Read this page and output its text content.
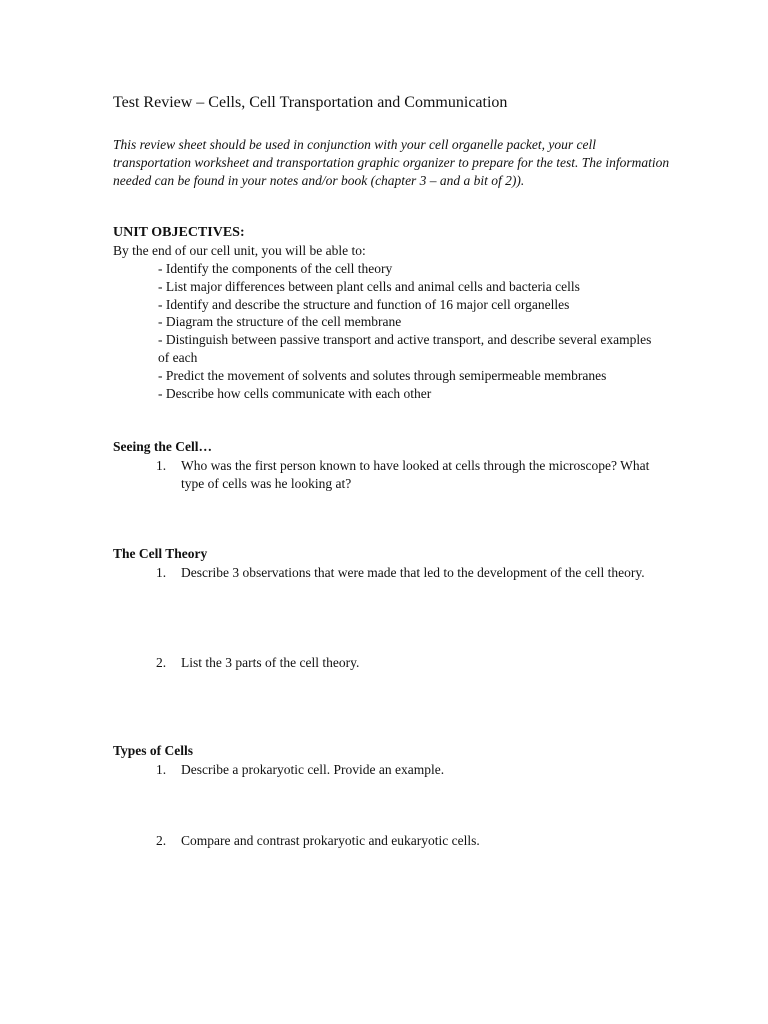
Test Review – Cells, Cell Transportation and Communication

This review sheet should be used in conjunction with your cell organelle packet, your cell transportation worksheet and transportation graphic organizer to prepare for the test. The information needed can be found in your notes and/or book (chapter 3 – and a bit of 2)).

UNIT OBJECTIVES:

By the end of our cell unit, you will be able to:

- Identify the components of the cell theory
- List major differences between plant cells and animal cells and bacteria cells
- Identify and describe the structure and function of 16 major cell organelles
- Diagram the structure of the cell membrane
- Distinguish between passive transport and active transport, and describe several examples of each
- Predict the movement of solvents and solutes through semipermeable membranes
- Describe how cells communicate with each other

Seeing the Cell…

1.	Who was the first person known to have looked at cells through the microscope? What type of cells was he looking at?

The Cell Theory

1.	Describe 3 observations that were made that led to the development of the cell theory.
2.	List the 3 parts of the cell theory.

Types of Cells

1.	Describe a prokaryotic cell. Provide an example.
2.	Compare and contrast prokaryotic and eukaryotic cells.
